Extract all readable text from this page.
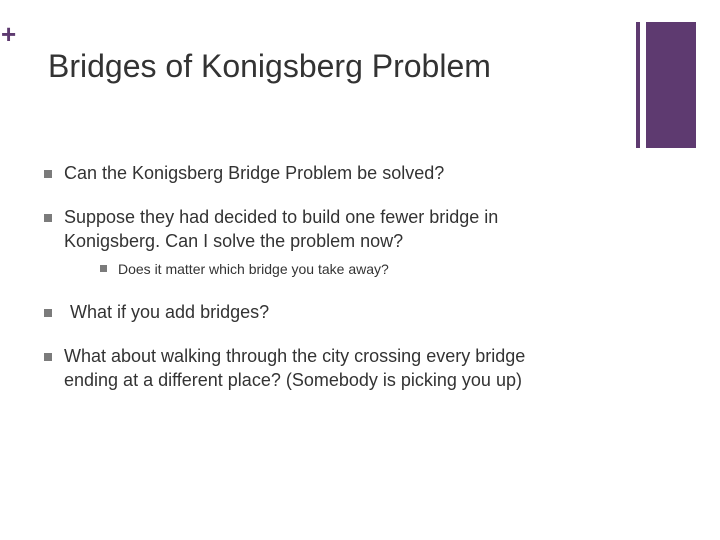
+
Bridges of Konigsberg Problem
Can the Konigsberg Bridge Problem be solved?
Suppose they had decided to build one fewer bridge in
Konigsberg. Can I solve the problem now?
Does it matter which bridge you take away?
What if you add bridges?
What about walking through the city crossing every bridge
ending at a different place? (Somebody is picking you up)
